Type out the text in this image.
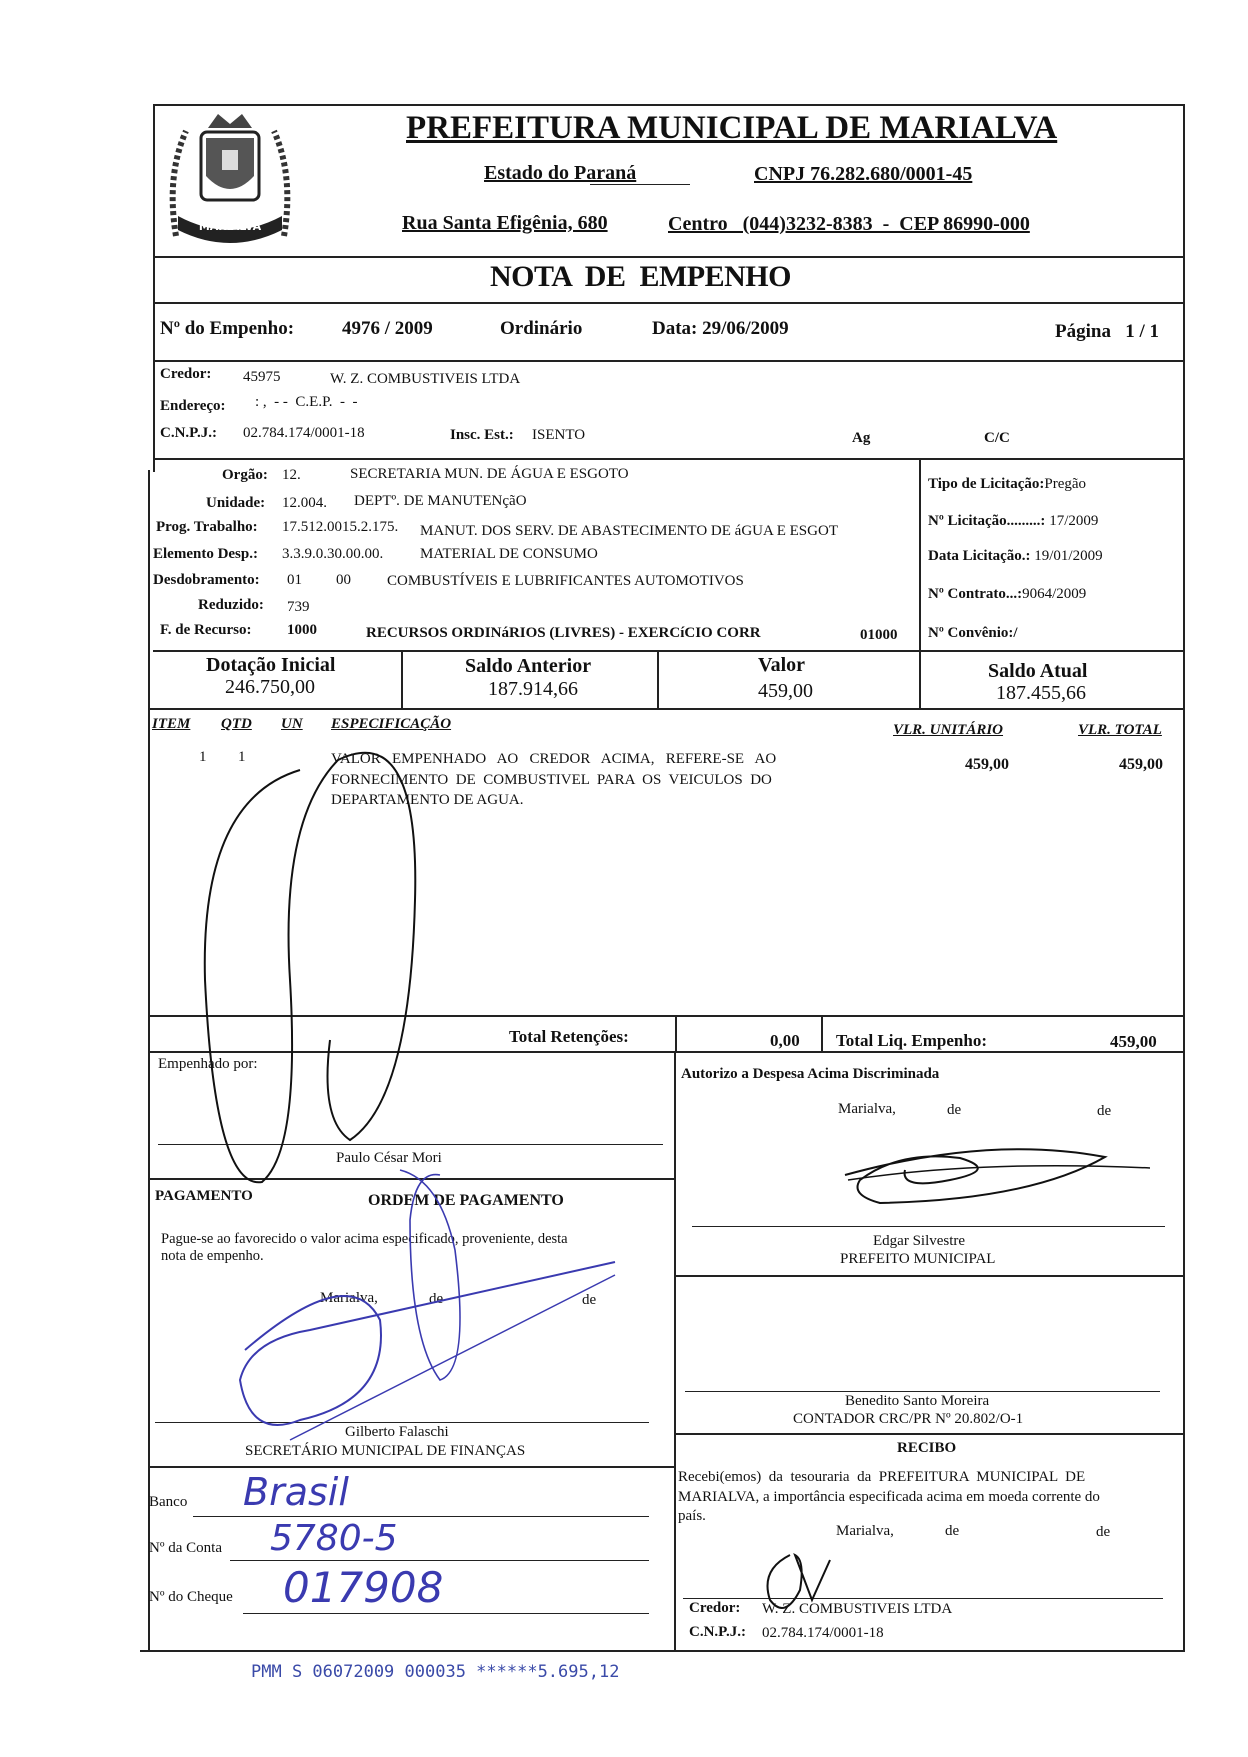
MARIALVA
PREFEITURA MUNICIPAL DE MARIALVA
Estado do Paraná	CNPJ 76.282.680/0001-45
Rua Santa Efigênia, 680	Centro   (044)3232-8383  -  CEP 86990-000
NOTA  DE  EMPENHO
Nº do Empenho:	4976 / 2009	Ordinário	Data: 29/06/2009	Página   1 / 1
Credor: 45975	W. Z. COMBUSTIVEIS LTDA
Endereço: : ,  - -  C.E.P.  -  -
C.N.P.J.: 02.784.174/0001-18	Insc. Est.: ISENTO	Ag	C/C
Orgão: 12.	SECRETARIA MUN. DE ÁGUA E ESGOTO
Unidade: 12.004. DEPTº. DE MANUTENçãO
Prog. Trabalho: 17.512.0015.2.175. MANUT. DOS SERV. DE ABASTECIMENTO DE áGUA E ESGOT
Elemento Desp.: 3.3.9.0.30.00.00. MATERIAL DE CONSUMO
Desdobramento: 01 00 COMBUSTÍVEIS E LUBRIFICANTES AUTOMOTIVOS
Reduzido: 739
F. de Recurso: 1000	RECURSOS ORDINáRIOS (LIVRES) - EXERCíCIO CORR	01000
Tipo de Licitação:Pregão
Nº Licitação.........: 17/2009
Data Licitação.: 19/01/2009
Nº Contrato...:9064/2009
Nº Convênio:/
Dotação Inicial
246.750,00
Saldo Anterior
187.914,66
Valor
459,00
Saldo Atual
187.455,66
ITEM QTD UN ESPECIFICAÇÃO	VLR. UNITÁRIO	VLR. TOTAL
1 1	VALOR   EMPENHADO   AO   CREDOR   ACIMA,   REFERE-SE   AO
FORNECIMENTO  DE  COMBUSTIVEL  PARA  OS  VEICULOS  DO
DEPARTAMENTO DE AGUA.
459,00	459,00
Total Retenções:	0,00 Total Liq. Empenho:	459,00
Empenhado por:
Paulo César Mori
PAGAMENTO	ORDEM DE PAGAMENTO
Pague-se ao favorecido o valor acima especificado, proveniente, desta
nota de empenho.
Marialva,	de	de
Gilberto Falaschi
SECRETÁRIO MUNICIPAL DE FINANÇAS
Banco Brasil
Nº da Conta 5780-5
Nº do Cheque 017908
Autorizo a Despesa Acima Discriminada
Marialva,	de	de
Edgar Silvestre
PREFEITO MUNICIPAL
Benedito Santo Moreira
CONTADOR CRC/PR Nº 20.802/O-1
RECIBO
Recebi(emos)  da  tesouraria  da  PREFEITURA  MUNICIPAL  DE
MARIALVA, a importância especificada acima em moeda corrente do
país.
Marialva,	de	de
Credor: W. Z. COMBUSTIVEIS LTDA
C.N.P.J.: 02.784.174/0001-18
PMM S 06072009 000035 ******5.695,12
